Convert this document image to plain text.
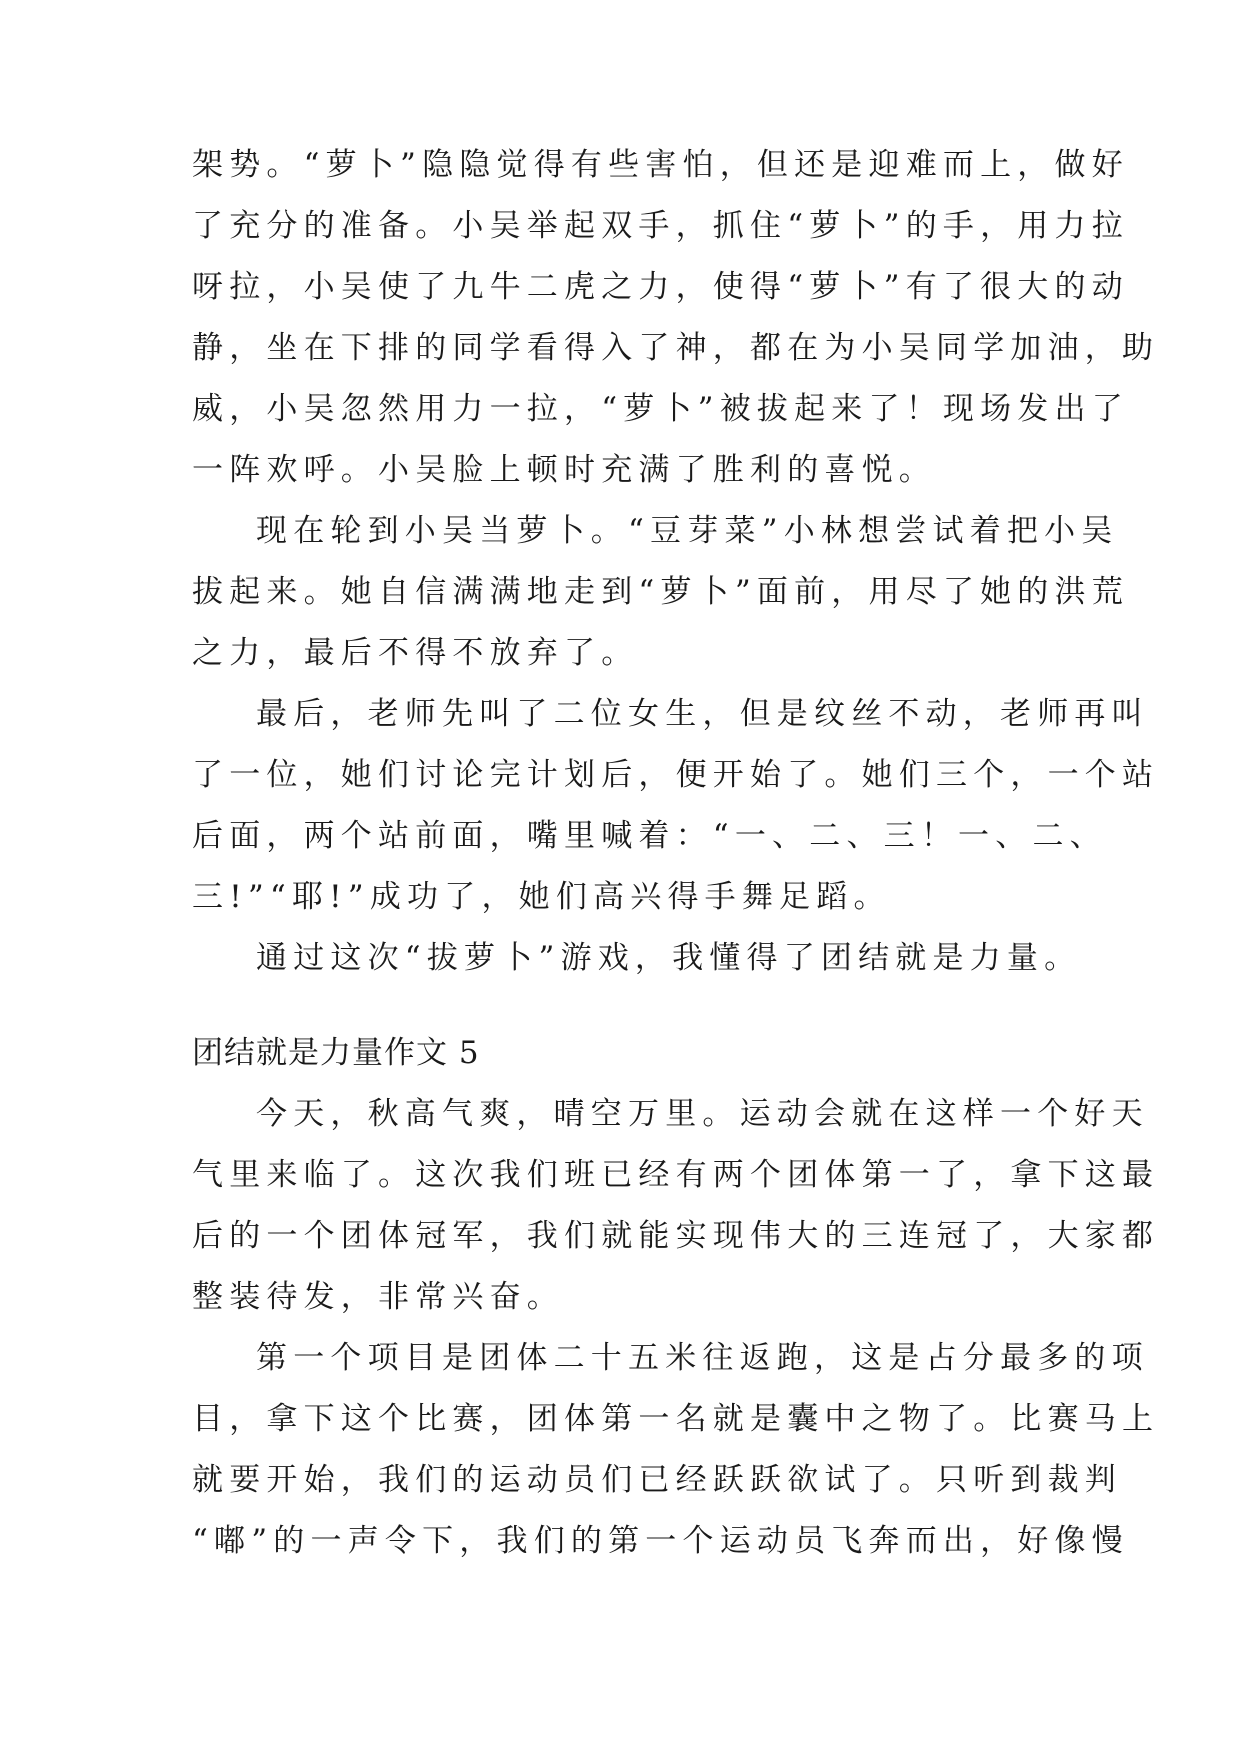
架势。“萝卜”隐隐觉得有些害怕，但还是迎难而上，做好
了充分的准备。小吴举起双手，抓住“萝卜”的手，用力拉
呀拉，小吴使了九牛二虎之力，使得“萝卜”有了很大的动
静，坐在下排的同学看得入了神，都在为小吴同学加油，助
威，小吴忽然用力一拉，“萝卜”被拔起来了！现场发出了
一阵欢呼。小吴脸上顿时充满了胜利的喜悦。
现在轮到小吴当萝卜。“豆芽菜”小林想尝试着把小吴
拔起来。她自信满满地走到“萝卜”面前，用尽了她的洪荒
之力，最后不得不放弃了。
最后，老师先叫了二位女生，但是纹丝不动，老师再叫
了一位，她们讨论完计划后，便开始了。她们三个，一个站
后面，两个站前面，嘴里喊着：“一、二、三！一、二、
三!”“耶!”成功了，她们高兴得手舞足蹈。
通过这次“拔萝卜”游戏，我懂得了团结就是力量。
团结就是力量作文 5
今天，秋高气爽，晴空万里。运动会就在这样一个好天
气里来临了。这次我们班已经有两个团体第一了，拿下这最
后的一个团体冠军，我们就能实现伟大的三连冠了，大家都
整装待发，非常兴奋。
第一个项目是团体二十五米往返跑，这是占分最多的项
目，拿下这个比赛，团体第一名就是囊中之物了。比赛马上
就要开始，我们的运动员们已经跃跃欲试了。只听到裁判
“嘟”的一声令下，我们的第一个运动员飞奔而出，好像慢
